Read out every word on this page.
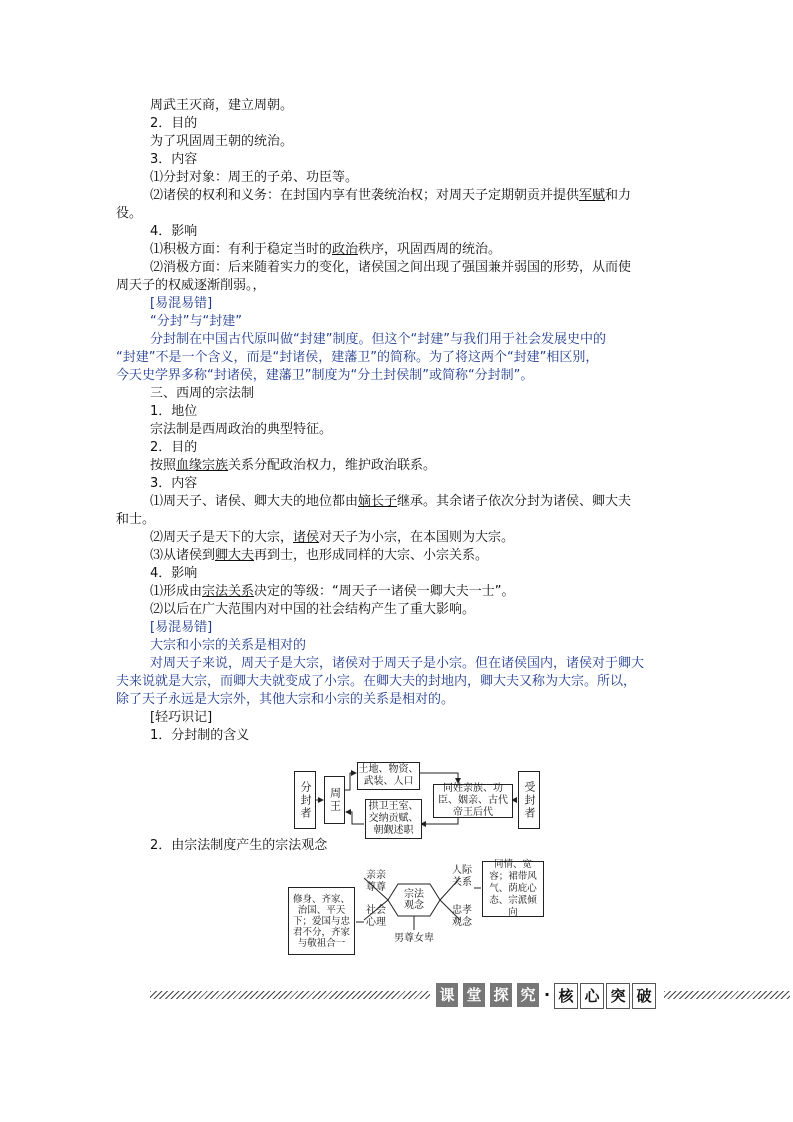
周武王灭商，建立周朝。
2．目的
为了巩固周王朝的统治。
3．内容
⑴分封对象：周王的子弟、功臣等。
⑵诸侯的权利和义务：在封国内享有世袭统治权；对周天子定期朝贡并提供军赋和力
役。
4．影响
⑴积极方面：有利于稳定当时的政治秩序，巩固西周的统治。
⑵消极方面：后来随着实力的变化，诸侯国之间出现了强国兼并弱国的形势，从而使
周天子的权威逐渐削弱。，
[易混易错]
“分封”与“封建”
分封制在中国古代原叫做“封建”制度。但这个“封建”与我们用于社会发展史中的
“封建”不是一个含义，而是“封诸侯，建藩卫”的简称。为了将这两个“封建”相区别，
今天史学界多称“封诸侯，建藩卫”制度为“分土封侯制”或简称“分封制”。
三、西周的宗法制
1．地位
宗法制是西周政治的典型特征。
2．目的
按照血缘宗族关系分配政治权力，维护政治联系。
3．内容
⑴周天子、诸侯、卿大夫的地位都由嫡长子继承。其余诸子依次分封为诸侯、卿大夫
和士。
⑵周天子是天下的大宗，诸侯对天子为小宗，在本国则为大宗。
⑶从诸侯到卿大夫再到士，也形成同样的大宗、小宗关系。
4．影响
⑴形成由宗法关系决定的等级：“周天子一诸侯一卿大夫一士”。
⑵以后在广大范围内对中国的社会结构产生了重大影响。
[易混易错]
大宗和小宗的关系是相对的
对周天子来说，周天子是大宗，诸侯对于周天子是小宗。但在诸侯国内，诸侯对于卿大
夫来说就是大宗，而卿大夫就变成了小宗。在卿大夫的封地内，卿大夫又称为大宗。所以，
除了天子永远是大宗外，其他大宗和小宗的关系是相对的。
[轻巧识记]
1．分封制的含义
2．由宗法制度产生的宗法观念
分封者	周王
土地、物资、武装、人口
拱卫王室、交纳贡赋、朝觐述职
同姓亲族、功臣、姻亲、古代帝王后代	受封者
修身、齐家、治国、平天下；爱国与忠君不分，齐家与敬祖合一
亲亲
尊尊
社会
心理
宗法观念
人际
关系
忠孝
观念
男尊女卑
同情、宽容；裙带风气、荫庇心态、宗派倾向
课 堂 探 究 · 核 心 突 破
